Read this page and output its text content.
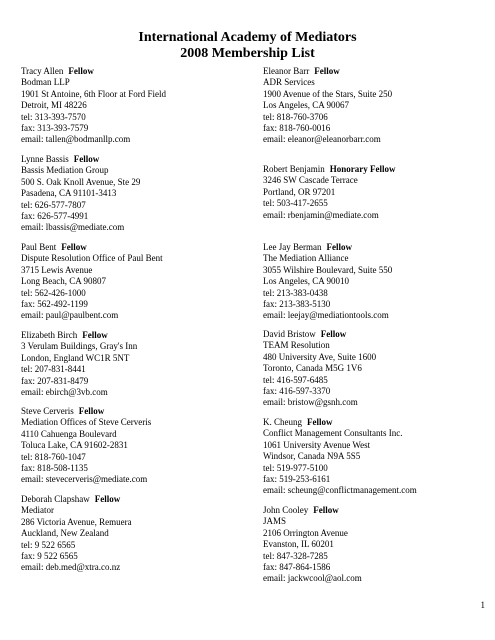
International Academy of Mediators
2008 Membership List
Tracy Allen Fellow
Bodman LLP
1901 St Antoine, 6th Floor at Ford Field
Detroit, MI 48226
tel: 313-393-7570
fax: 313-393-7579
email: tallen@bodmanllp.com
Lynne Bassis Fellow
Bassis Mediation Group
500 S. Oak Knoll Avenue, Ste 29
Pasadena, CA 91101-3413
tel: 626-577-7807
fax: 626-577-4991
email: lbassis@mediate.com
Paul Bent Fellow
Dispute Resolution Office of Paul Bent
3715 Lewis Avenue
Long Beach, CA 90807
tel: 562-426-1000
fax: 562-492-1199
email: paul@paulbent.com
Elizabeth Birch Fellow
3 Verulam Buildings, Gray's Inn
London, England WC1R 5NT
tel: 207-831-8441
fax: 207-831-8479
email: ebirch@3vb.com
Steve Cerveris Fellow
Mediation Offices of Steve Cerveris
4110 Cahuenga Boulevard
Toluca Lake, CA 91602-2831
tel: 818-760-1047
fax: 818-508-1135
email: stevecerveris@mediate.com
Deborah Clapshaw Fellow
Mediator
286 Victoria Avenue, Remuera
Auckland, New Zealand
tel: 9 522 6565
fax: 9 522 6565
email: deb.med@xtra.co.nz
Eleanor Barr Fellow
ADR Services
1900 Avenue of the Stars, Suite 250
Los Angeles, CA 90067
tel: 818-760-3706
fax: 818-760-0016
email: eleanor@eleanorbarr.com
Robert Benjamin Honorary Fellow
3246 SW Cascade Terrace
Portland, OR 97201
tel: 503-417-2655
email: rbenjamin@mediate.com
Lee Jay Berman Fellow
The Mediation Alliance
3055 Wilshire Boulevard, Suite 550
Los Angeles, CA 90010
tel: 213-383-0438
fax: 213-383-5130
email: leejay@mediationtools.com
David Bristow Fellow
TEAM Resolution
480 University Ave, Suite 1600
Toronto, Canada M5G 1V6
tel: 416-597-6485
fax: 416-597-3370
email: bristow@gsnh.com
K. Cheung Fellow
Conflict Management Consultants Inc.
1061 University Avenue West
Windsor, Canada N9A 5S5
tel: 519-977-5100
fax: 519-253-6161
email: scheung@conflictmanagement.com
John Cooley Fellow
JAMS
2106 Orrington Avenue
Evanston, IL 60201
tel: 847-328-7285
fax: 847-864-1586
email: jackwcool@aol.com
1
